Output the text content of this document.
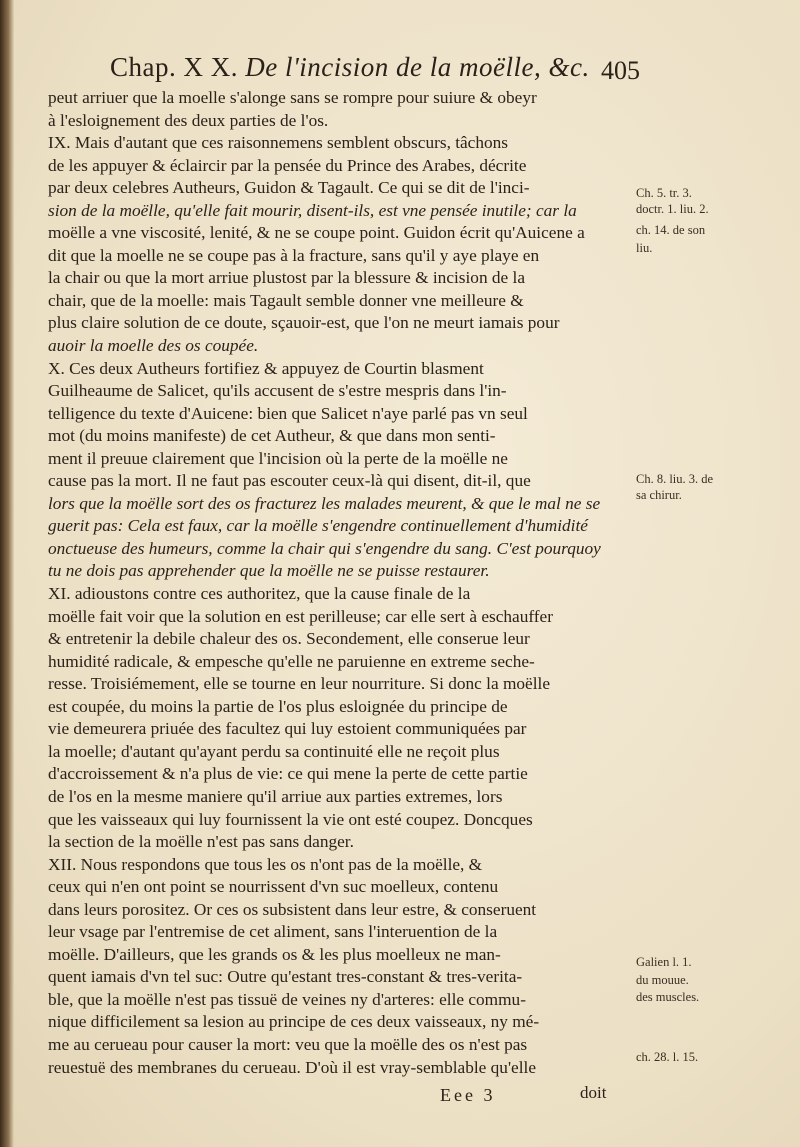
Chap. X X. De l'incision de la moëlle, &c. 405
peut arriuer que la moelle s'alonge sans se rompre pour suiure & obeyr
à l'esloignement des deux parties de l'os.
IX. Mais d'autant que ces raisonnemens semblent obscurs, tâchons
de les appuyer & éclaircir par la pensée du Prince des Arabes, décrite
par deux celebres Autheurs, Guidon & Tagault. Ce qui se dit de l'inci-
sion de la moëlle, qu'elle fait mourir, disent-ils, est vne pensée inutile; car la
moëlle a vne viscosité, lenité, & ne se coupe point. Guidon écrit qu'Auicene a
dit que la moelle ne se coupe pas à la fracture, sans qu'il y aye playe en
la chair ou que la mort arriue plustost par la blessure & incision de la
chair, que de la moelle: mais Tagault semble donner vne meilleure &
plus claire solution de ce doute, sçauoir-est, que l'on ne meurt iamais pour
auoir la moelle des os coupée.
X. Ces deux Autheurs fortifiez & appuyez de Courtin blasment
Guilheaume de Salicet, qu'ils accusent de s'estre mespris dans l'in-
telligence du texte d'Auicene: bien que Salicet n'aye parlé pas vn seul
mot (du moins manifeste) de cet Autheur, & que dans mon senti-
ment il preuue clairement que l'incision où la perte de la moëlle ne
cause pas la mort. Il ne faut pas escouter ceux-là qui disent, dit-il, que
lors que la moëlle sort des os fracturez les malades meurent, & que le mal ne se
guerit pas: Cela est faux, car la moëlle s'engendre continuellement d'humidité
onctueuse des humeurs, comme la chair qui s'engendre du sang. C'est pourquoy
tu ne dois pas apprehender que la moëlle ne se puisse restaurer.
XI. adioustons contre ces authoritez, que la cause finale de la
moëlle fait voir que la solution en est perilleuse; car elle sert à eschauffer
& entretenir la debile chaleur des os. Secondement, elle conserue leur
humidité radicale, & empesche qu'elle ne paruienne en extreme seche-
resse. Troisiémement, elle se tourne en leur nourriture. Si donc la moëlle
est coupée, du moins la partie de l'os plus esloignée du principe de
vie demeurera priuée des facultez qui luy estoient communiquées par
la moelle; d'autant qu'ayant perdu sa continuité elle ne reçoit plus
d'accroissement & n'a plus de vie: ce qui mene la perte de cette partie
de l'os en la mesme maniere qu'il arriue aux parties extremes, lors
que les vaisseaux qui luy fournissent la vie ont esté coupez. Doncques
la section de la moëlle n'est pas sans danger.
XII. Nous respondons que tous les os n'ont pas de la moëlle, &
ceux qui n'en ont point se nourrissent d'vn suc moelleux, contenu
dans leurs porositez. Or ces os subsistent dans leur estre, & conseruent
leur vsage par l'entremise de cet aliment, sans l'interuention de la
moëlle. D'ailleurs, que les grands os & les plus moelleux ne man-
quent iamais d'vn tel suc: Outre qu'estant tres-constant & tres-verita-
ble, que la moëlle n'est pas tissuë de veines ny d'arteres: elle commu-
nique difficilement sa lesion au principe de ces deux vaisseaux, ny mé-
me au cerueau pour causer la mort: veu que la moëlle des os n'est pas
reuestuë des membranes du cerueau. D'où il est vray-semblable qu'elle
Ch. 5. tr. 3.
doctr. 1. liu. 2.
ch. 14. de son
liu.
Ch. 8. liu. 3. de
sa chirur.
Galien l. 1.
du mouue.
des muscles.
ch. 28. l. 15.
Eee 3	doit
